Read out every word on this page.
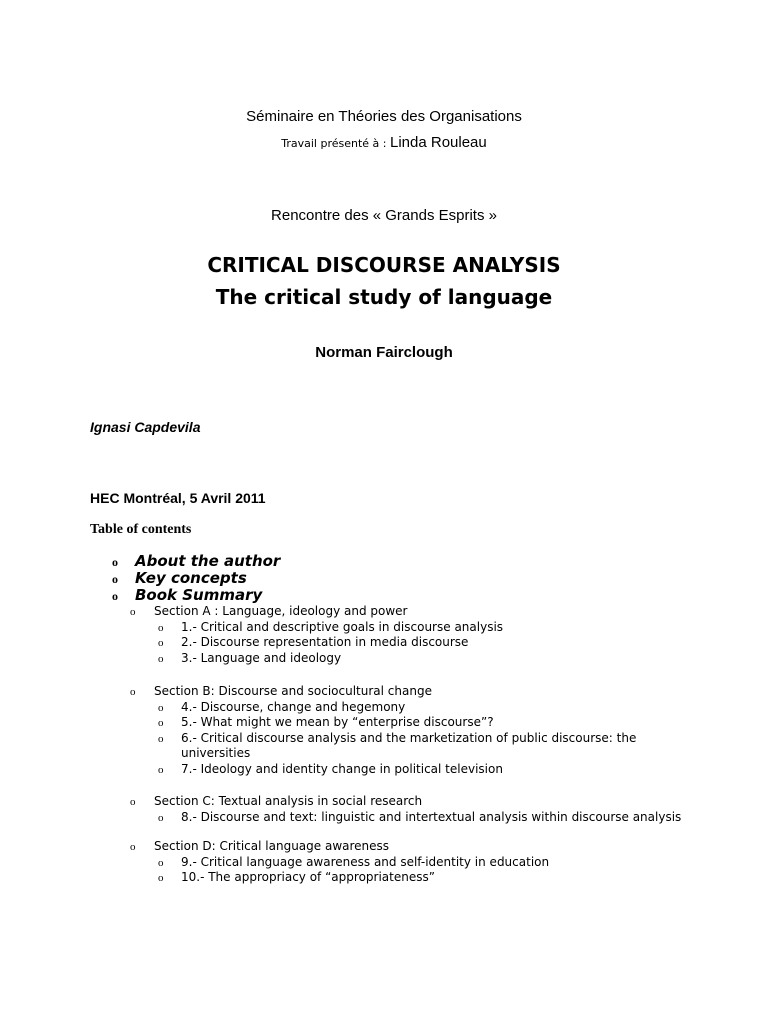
Séminaire en Théories des Organisations
Travail présenté à : Linda Rouleau
Rencontre des « Grands Esprits »
CRITICAL DISCOURSE ANALYSIS
The critical study of language
Norman Fairclough
Ignasi Capdevila
HEC Montréal, 5 Avril 2011
Table of contents
o About the author
o Key concepts
o Book Summary
o Section A : Language, ideology and power
o 1.- Critical and descriptive goals in discourse analysis
o 2.- Discourse representation in media discourse
o 3.- Language and ideology
o Section B: Discourse and sociocultural change
o 4.- Discourse, change and hegemony
o 5.- What might we mean by “enterprise discourse”?
o 6.- Critical discourse analysis and the marketization of public discourse: the universities
o 7.- Ideology and identity change in political television
o Section C: Textual analysis in social research
o 8.- Discourse and text: linguistic and intertextual analysis within discourse analysis
o Section D: Critical language awareness
o 9.- Critical language awareness and self-identity in education
o 10.- The appropriacy of “appropriateness”
